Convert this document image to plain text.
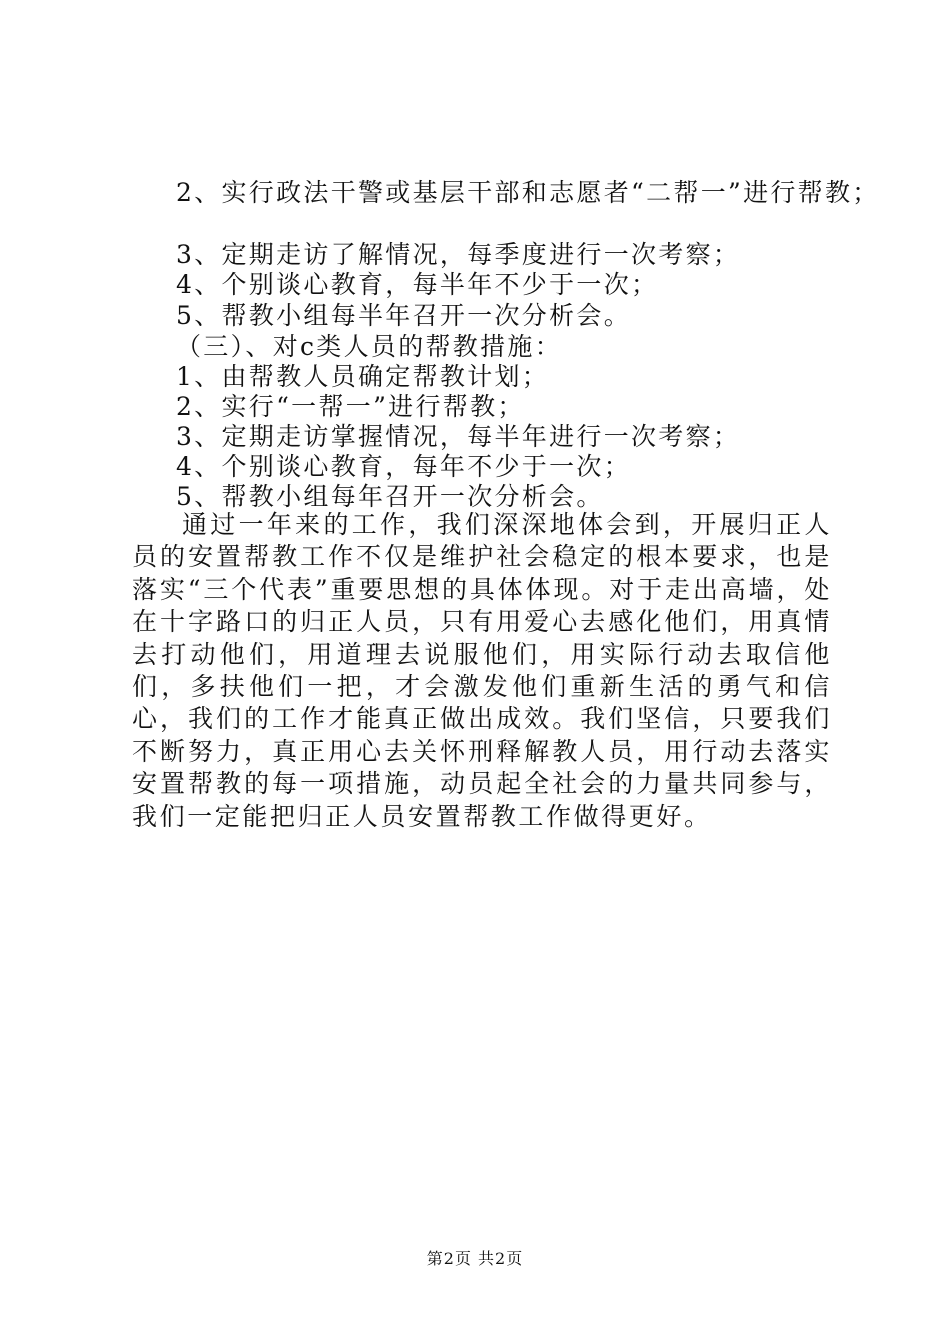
2、实行政法干警或基层干部和志愿者“二帮一”进行帮教；
3、定期走访了解情况，每季度进行一次考察；
4、个别谈心教育，每半年不少于一次；
5、帮教小组每半年召开一次分析会。
（三）、对c类人员的帮教措施：
1、由帮教人员确定帮教计划；
2、实行“一帮一”进行帮教；
3、定期走访掌握情况，每半年进行一次考察；
4、个别谈心教育，每年不少于一次；
5、帮教小组每年召开一次分析会。

通过一年来的工作，我们深深地体会到，开展归正人员的安置帮教工作不仅是维护社会稳定的根本要求，也是落实“三个代表”重要思想的具体体现。对于走出高墙，处在十字路口的归正人员，只有用爱心去感化他们，用真情去打动他们，用道理去说服他们，用实际行动去取信他们，多扶他们一把，才会激发他们重新生活的勇气和信心，我们的工作才能真正做出成效。我们坚信，只要我们不断努力，真正用心去关怀刑释解教人员，用行动去落实安置帮教的每一项措施，动员起全社会的力量共同参与，我们一定能把归正人员安置帮教工作做得更好。

第2页 共2页
